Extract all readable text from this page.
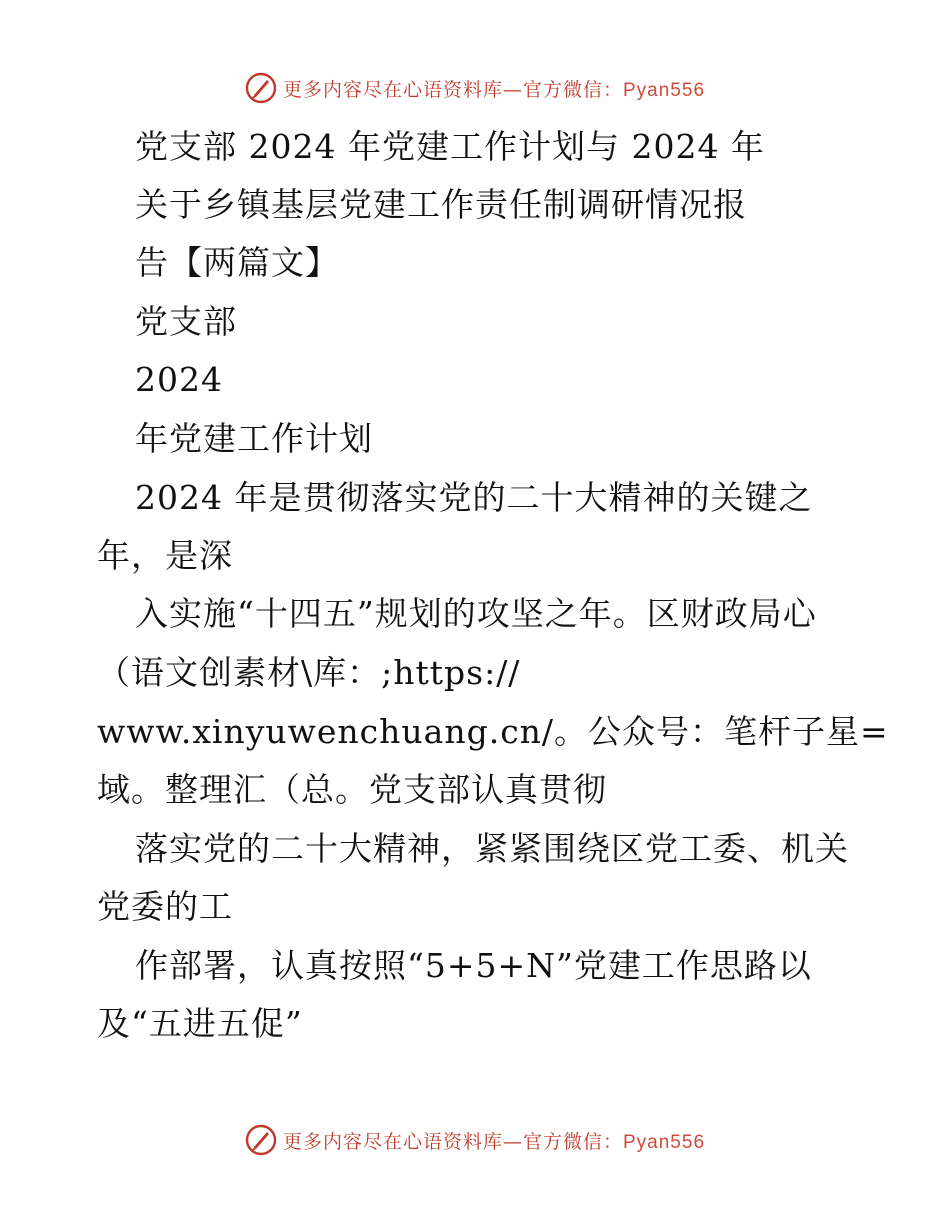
更多内容尽在心语资料库—官方微信：Pyan556
党支部 2024 年党建工作计划与 2024 年
关于乡镇基层党建工作责任制调研情况报
告【两篇文】
党支部
2024
年党建工作计划
2024 年是贯彻落实党的二十大精神的关键之
年，是深
入实施“十四五”规划的攻坚之年。区财政局心
（语文创素材\库：;https://
www.xinyuwenchuang.cn/。公众号：笔杆子星=
域。整理汇（总。党支部认真贯彻
落实党的二十大精神，紧紧围绕区党工委、机关
党委的工
作部署，认真按照“5+5+N”党建工作思路以
及“五进五促”
更多内容尽在心语资料库—官方微信：Pyan556
